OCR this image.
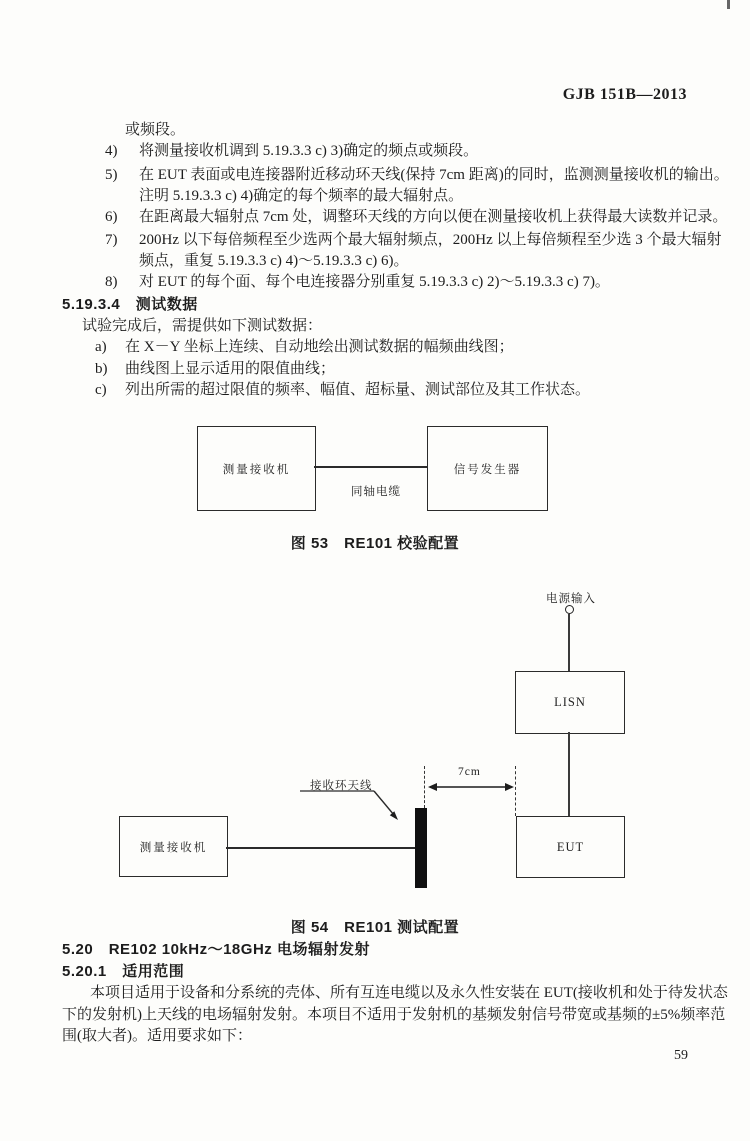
GJB 151B—2013
或频段。
4) 将测量接收机调到 5.19.3.3 c) 3)确定的频点或频段。
5) 在 EUT 表面或电连接器附近移动环天线(保持 7cm 距离)的同时，监测测量接收机的输出。
注明 5.19.3.3 c) 4)确定的每个频率的最大辐射点。
6) 在距离最大辐射点 7cm 处，调整环天线的方向以便在测量接收机上获得最大读数并记录。
7) 200Hz 以下每倍频程至少选两个最大辐射频点，200Hz 以上每倍频程至少选 3 个最大辐射
频点，重复 5.19.3.3 c) 4)～5.19.3.3 c) 6)。
8) 对 EUT 的每个面、每个电连接器分别重复 5.19.3.3 c) 2)～5.19.3.3 c) 7)。
5.19.3.4　测试数据
试验完成后，需提供如下测试数据：
a) 在 X－Y 坐标上连续、自动地绘出测试数据的幅频曲线图；
b) 曲线图上显示适用的限值曲线；
c) 列出所需的超过限值的频率、幅值、超标量、测试部位及其工作状态。
测量接收机	信号发生器
同轴电缆
图 53　RE101 校验配置
电源输入
LISN
EUT
测量接收机
7cm
接收环天线
图 54　RE101 测试配置
5.20　RE102 10kHz～18GHz 电场辐射发射
5.20.1　适用范围
本项目适用于设备和分系统的壳体、所有互连电缆以及永久性安装在 EUT(接收机和处于待发状态
下的发射机)上天线的电场辐射发射。本项目不适用于发射机的基频发射信号带宽或基频的±5%频率范
围(取大者)。适用要求如下：
59
